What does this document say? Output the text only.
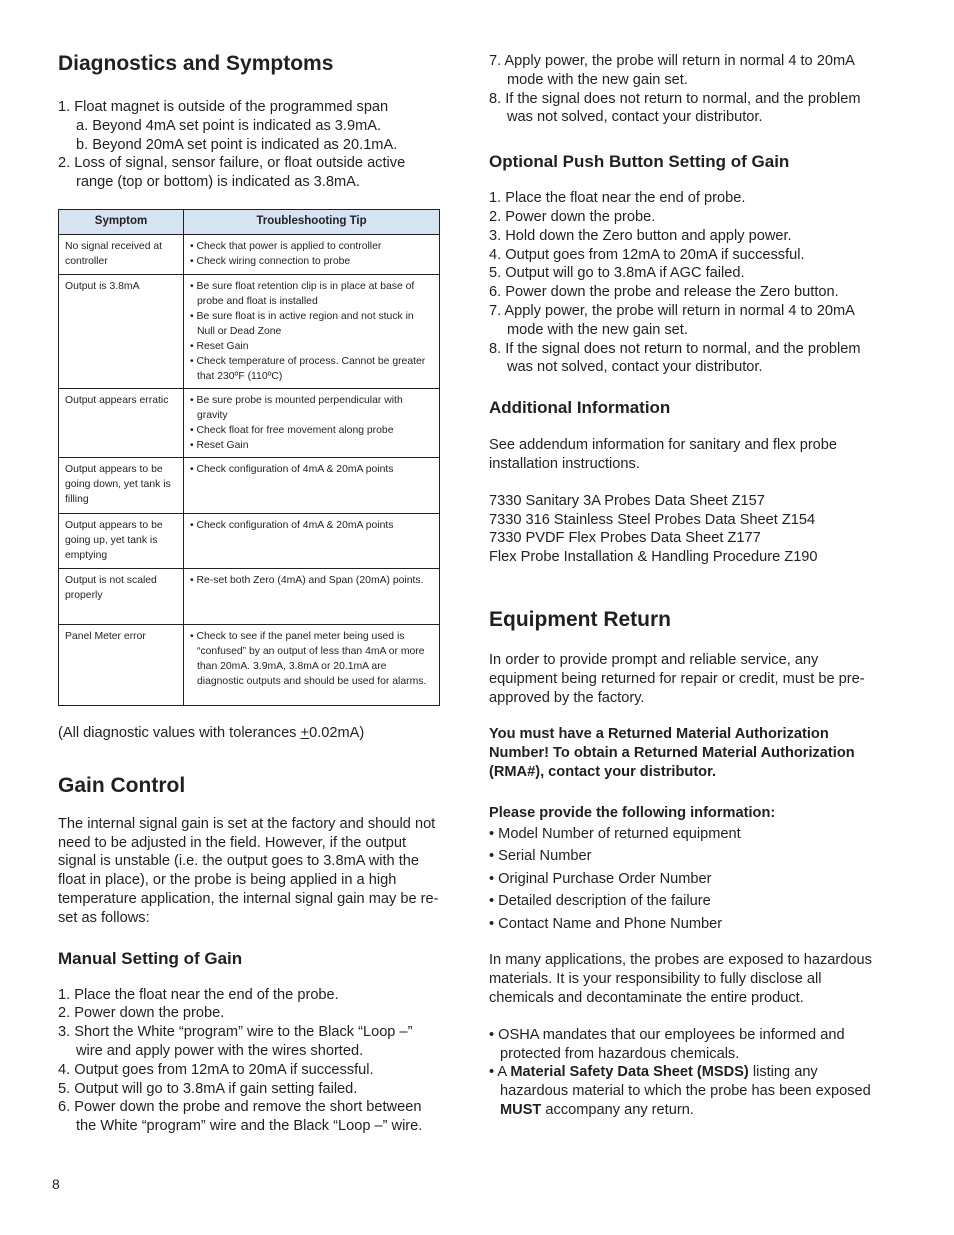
Diagnostics and Symptoms
1. Float magnet is outside of the programmed span
a. Beyond 4mA set point is indicated as 3.9mA.
b. Beyond 20mA set point is indicated as 20.1mA.
2. Loss of signal, sensor failure, or float outside active range (top or bottom) is indicated as 3.8mA.
Symptom	Troubleshooting Tip
No signal received at controller	• Check that power is applied to controller
• Check wiring connection to probe

Output is 3.8mA	• Be sure float retention clip is in place at base of probe and float is installed
• Be sure float is in active region and not stuck in Null or Dead Zone
• Reset Gain
• Check temperature of process. Cannot be greater that 230ºF (110ºC)

Output appears erratic	• Be sure probe is mounted perpendicular with gravity
• Check float for free movement along probe
• Reset Gain

Output appears to be going down, yet tank is filling	• Check configuration of 4mA & 20mA points

Output appears to be going up, yet tank is emptying	• Check configuration of 4mA & 20mA points

Output is not scaled properly	• Re-set both Zero (4mA) and Span (20mA) points.

Panel Meter error	• Check to see if the panel meter being used is “confused” by an output of less than 4mA or more than 20mA. 3.9mA, 3.8mA or 20.1mA are diagnostic outputs and should be used for alarms.

(All diagnostic values with tolerances +0.02mA)

Gain Control

The internal signal gain is set at the factory and should not need to be adjusted in the field. However, if the output signal is unstable (i.e. the output goes to 3.8mA with the float in place), or the probe is being applied in a high temperature application, the internal signal gain may be re-set as follows:

Manual Setting of Gain
1. Place the float near the end of the probe.
2. Power down the probe.
3. Short the White “program” wire to the Black “Loop –” wire and apply power with the wires shorted.
4. Output goes from 12mA to 20mA if successful.
5. Output will go to 3.8mA if gain setting failed.
6. Power down the probe and remove the short between the White “program” wire and the Black “Loop –” wire.
7. Apply power, the probe will return in normal 4 to 20mA mode with the new gain set.
8. If the signal does not return to normal, and the problem was not solved, contact your distributor.
Optional Push Button Setting of Gain
1. Place the float near the end of probe.
2. Power down the probe.
3. Hold down the Zero button and apply power.
4. Output goes from 12mA to 20mA if successful.
5. Output will go to 3.8mA if AGC failed.
6. Power down the probe and release the Zero button.
7. Apply power, the probe will return in normal 4 to 20mA mode with the new gain set.
8. If the signal does not return to normal, and the problem was not solved, contact your distributor.
Additional Information

See addendum information for sanitary and flex probe installation instructions.

7330 Sanitary 3A Probes Data Sheet Z157
7330 316 Stainless Steel Probes Data Sheet Z154
7330 PVDF Flex Probes Data Sheet Z177
Flex Probe Installation & Handling Procedure Z190
Equipment Return

In order to provide prompt and reliable service, any equipment being returned for repair or credit, must be pre-approved by the factory.

You must have a Returned Material Authorization Number! To obtain a Returned Material Authorization (RMA#), contact your distributor.

Please provide the following information:

• Model Number of returned equipment
• Serial Number
• Original Purchase Order Number
• Detailed description of the failure
• Contact Name and Phone Number

In many applications, the probes are exposed to hazardous materials. It is your responsibility to fully disclose all chemicals and decontaminate the entire product.

• OSHA mandates that our employees be informed and protected from hazardous chemicals.
• A Material Safety Data Sheet (MSDS) listing any hazardous material to which the probe has been exposed MUST accompany any return.
8
